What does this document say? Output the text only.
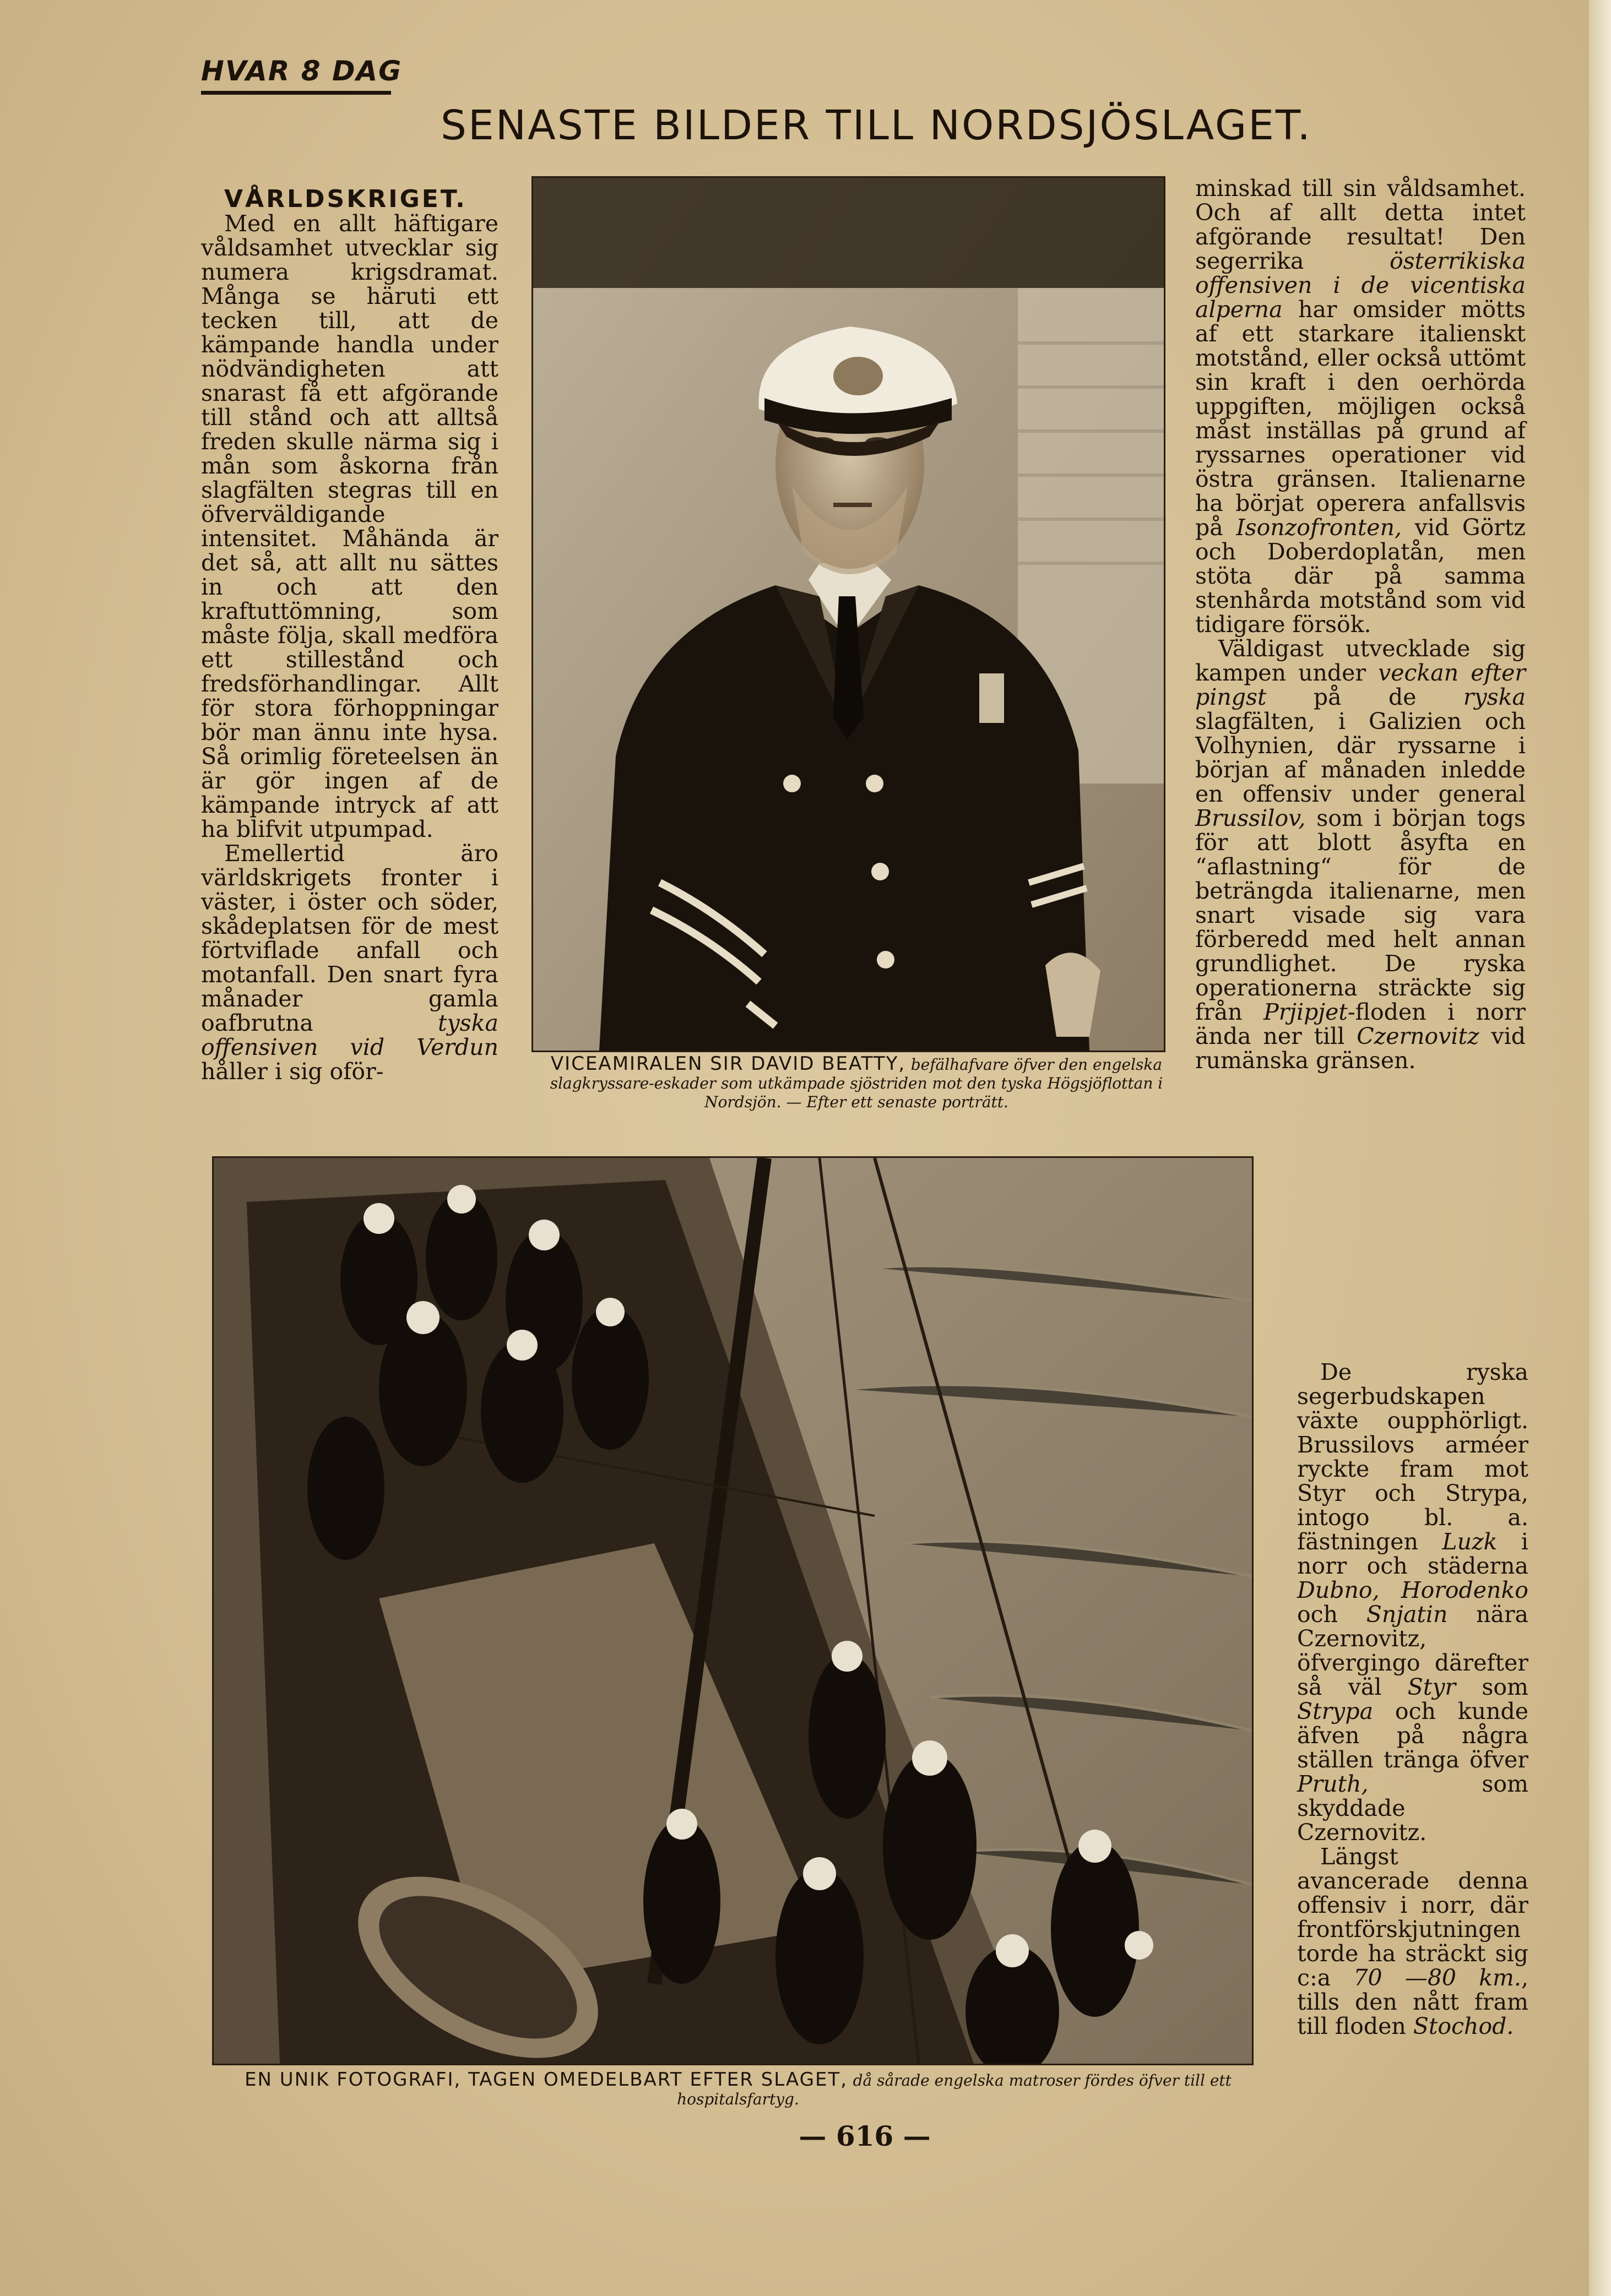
HVAR 8 DAG
SENASTE BILDER TILL NORDSJÖSLAGET.

VÅRLDSKRIGET.

Med en allt häftigare våldsamhet utvecklar sig numera krigsdramat. Många se häruti ett tecken till, att de kämpande handla under nödvändigheten att snarast få ett afgörande till stånd och att alltså freden skulle närma sig i mån som åskorna från slagfälten stegras till en öfverväldigande intensitet. Måhända är det så, att allt nu sättes in och att den kraftuttömning, som måste följa, skall medföra ett stillestånd och fredsförhandlingar. Allt för stora förhoppningar bör man ännu inte hysa. Så orimlig företeelsen än är gör ingen af de kämpande intryck af att ha blifvit utpumpad.

Emellertid äro världskrigets fronter i väster, i öster och söder, skådeplatsen för de mest förtviflade anfall och motanfall. Den snart fyra månader gamla oafbrutna tyska offensiven vid Verdun håller i sig oför-	VICEAMIRALEN SIR DAVID BEATTY, befälhafvare öfver den engelska slagkryssare-eskader som utkämpade sjöstriden mot den tyska Högsjöflottan i Nordsjön. — Efter ett senaste porträtt.

minskad till sin våldsamhet. Och af allt detta intet afgörande resultat! Den segerrika österrikiska offensiven i de vicentiska alperna har omsider mötts af ett starkare italienskt motstånd, eller också uttömt sin kraft i den oerhörda uppgiften, möjligen också måst inställas på grund af ryssarnes operationer vid östra gränsen. Italienarne ha börjat operera anfallsvis på Isonzofronten, vid Görtz och Doberdoplatån, men stöta där på samma stenhårda motstånd som vid tidigare försök.

Väldigast utvecklade sig kampen under veckan efter pingst på de ryska slagfälten, i Galizien och Volhynien, där ryssarne i början af månaden inledde en offensiv under general Brussilov, som i början togs för att blott åsyfta en “aflastning“ för de beträngda italienarne, men snart visade sig vara förberedd med helt annan grundlighet. De ryska operationerna sträckte sig från Prjipjet-floden i norr ända ner till Czernovitz vid rumänska gränsen.

De ryska segerbudskapen växte oupphörligt. Brussilovs arméer ryckte fram mot Styr och Strypa, intogo bl. a. fästningen Luzk i norr och städerna Dubno, Horodenko och Snjatin nära Czernovitz, öfvergingo därefter så väl Styr som Strypa och kunde äfven på några ställen tränga öfver Pruth, som skyddade Czernovitz.

Längst avancerade denna offensiv i norr, där frontförskjutningen torde ha sträckt sig c:a 70 —80 km., tills den nått fram till floden Stochod.

EN UNIK FOTOGRAFI, TAGEN OMEDELBART EFTER SLAGET, då sårade engelska matroser fördes öfver till ett hospitalsfartyg.
— 616 —
